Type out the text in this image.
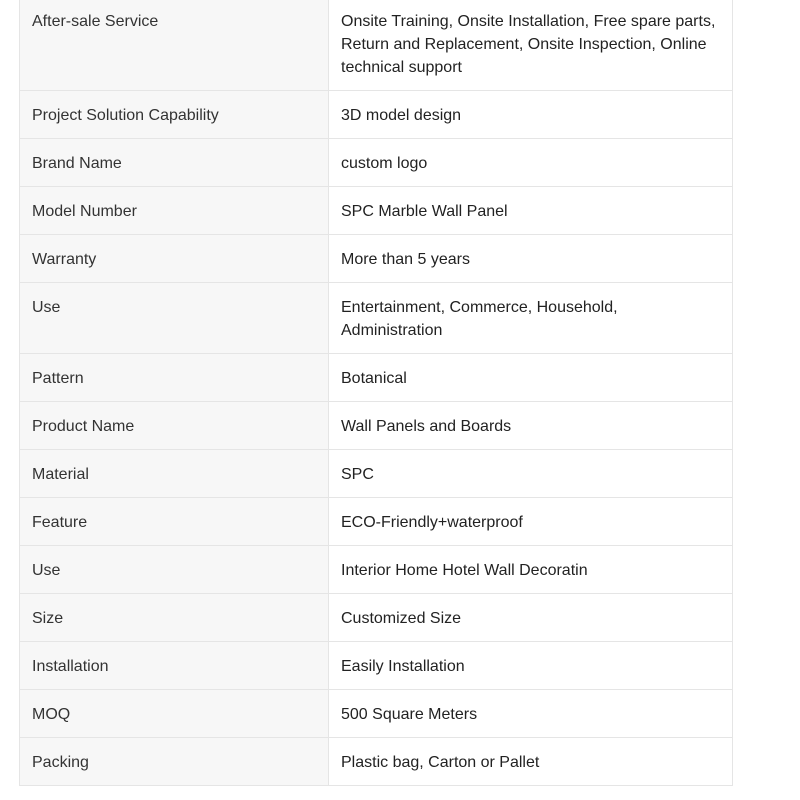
After-sale Service	Onsite Training, Onsite Installation, Free spare parts, Return and Replacement, Onsite Inspection, Online technical support
Project Solution Capability	3D model design
Brand Name	custom logo
Model Number	SPC Marble Wall Panel
Warranty	More than 5 years
Use	Entertainment, Commerce, Household, Administration
Pattern	Botanical
Product Name	Wall Panels and Boards
Material	SPC
Feature	ECO-Friendly+waterproof
Use	Interior Home Hotel Wall Decoratin
Size	Customized Size
Installation	Easily Installation
MOQ	500 Square Meters
Packing	Plastic bag, Carton or Pallet
